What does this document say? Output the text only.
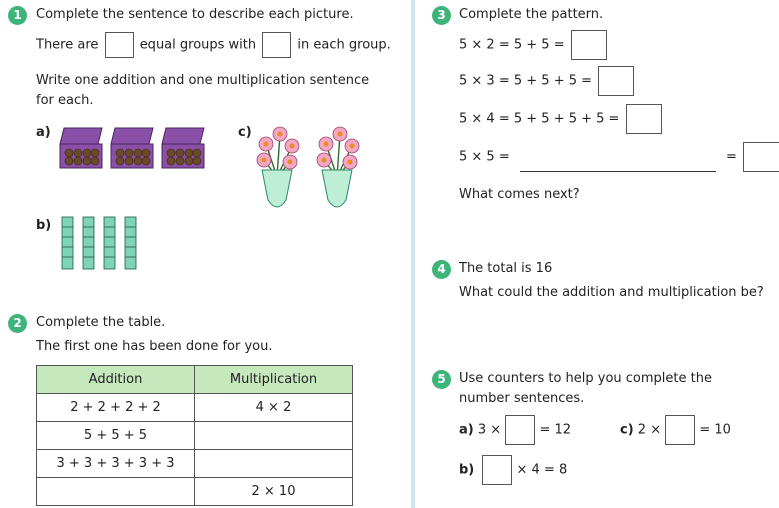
1	Complete the sentence to describe each picture.
There are	equal groups with	in each group.
Write one addition and one multiplication sentence
for each.
a)	c)
b)
2	Complete the table.
The first one has been done for you.
Addition	Multiplication
2 + 2 + 2 + 2	4 × 2
5 + 5 + 5	
3 + 3 + 3 + 3 + 3	
	2 × 10
3	Complete the pattern.
5 × 2 = 5 + 5 =
5 × 3 = 5 + 5 + 5 =
5 × 4 = 5 + 5 + 5 + 5 =
5 × 5 =	=
What comes next?
4	The total is 16
What could the addition and multiplication be?
5	Use counters to help you complete the
number sentences.
a) 3 ×	= 12	c) 2 ×	= 10
b)	× 4 = 8
